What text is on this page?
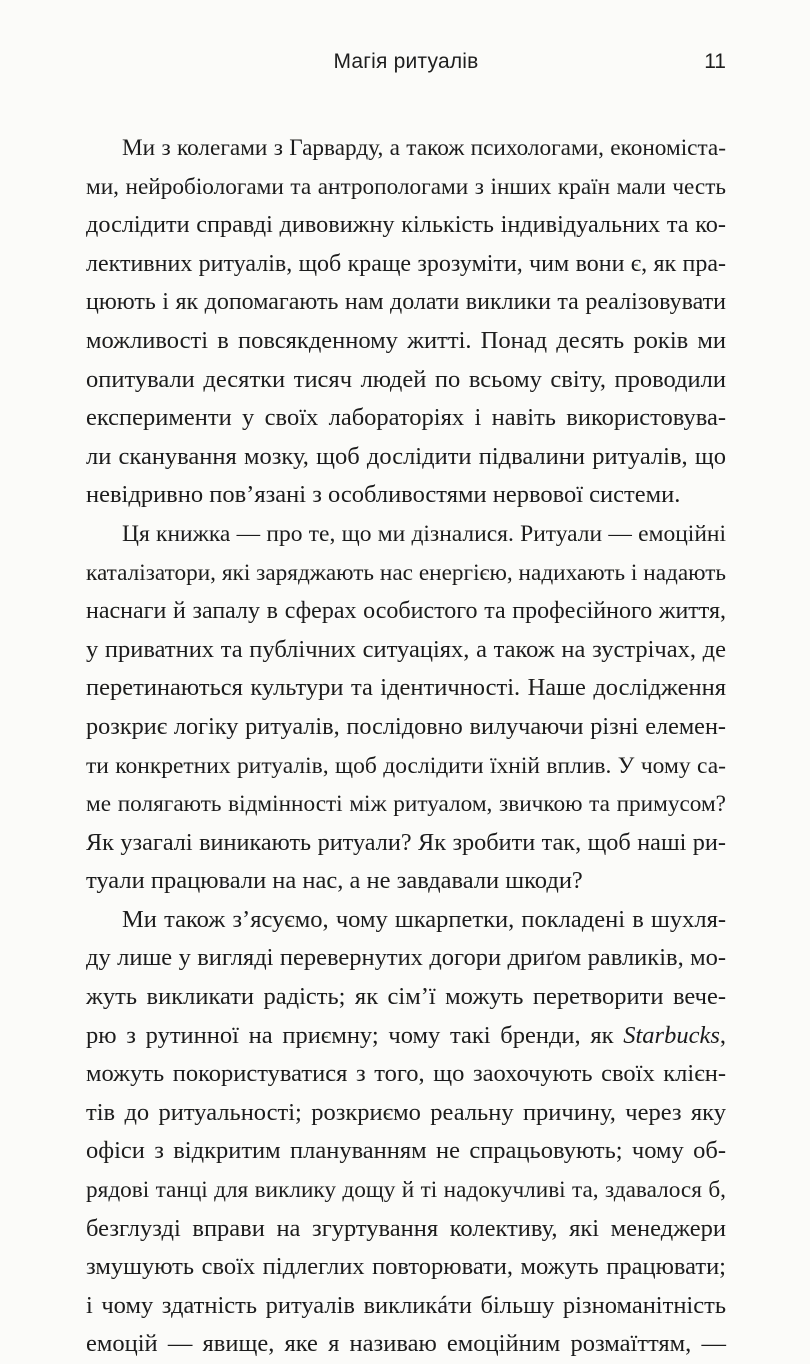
Магія ритуалів	11
Ми з колегами з Гарварду, а також психологами, економіста-
ми, нейробіологами та антропологами з інших країн мали честь
дослідити справді дивовижну кількість індивідуальних та ко-
лективних ритуалів, щоб краще зрозуміти, чим вони є, як пра-
цюють і як допомагають нам долати виклики та реалізовувати
можливості в повсякденному житті. Понад десять років ми
опитували десятки тисяч людей по всьому світу, проводили
експерименти у своїх лабораторіях і навіть використовува-
ли сканування мозку, щоб дослідити підвалини ритуалів, що
невідривно пов’язані з особливостями нервової системи.
Ця книжка — про те, що ми дізналися. Ритуали — емоційні
каталізатори, які заряджають нас енергією, надихають і надають
наснаги й запалу в сферах особистого та професійного життя,
у приватних та публічних ситуаціях, а також на зустрічах, де
перетинаються культури та ідентичності. Наше дослідження
розкриє логіку ритуалів, послідовно вилучаючи різні елемен-
ти конкретних ритуалів, щоб дослідити їхній вплив. У чому са-
ме полягають відмінності між ритуалом, звичкою та примусом?
Як узагалі виникають ритуали? Як зробити так, щоб наші ри-
туали працювали на нас, а не завдавали шкоди?
Ми також з’ясуємо, чому шкарпетки, покладені в шухля-
ду лише у вигляді перевернутих догори дриґом равликів, мо-
жуть викликати радість; як сім’ї можуть перетворити вече-
рю з рутинної на приємну; чому такі бренди, як Starbucks,
можуть покористуватися з того, що заохочують своїх клієн-
тів до ритуальності; розкриємо реальну причину, через яку
офіси з відкритим плануванням не спрацьовують; чому об-
рядові танці для виклику дощу й ті надокучливі та, здавалося б,
безглузді вправи на згуртування колективу, які менеджери
змушують своїх підлеглих повторювати, можуть працювати;
і чому здатність ритуалів викликáти більшу різноманітність
емоцій — явище, яке я називаю емоційним розмаїттям, —
